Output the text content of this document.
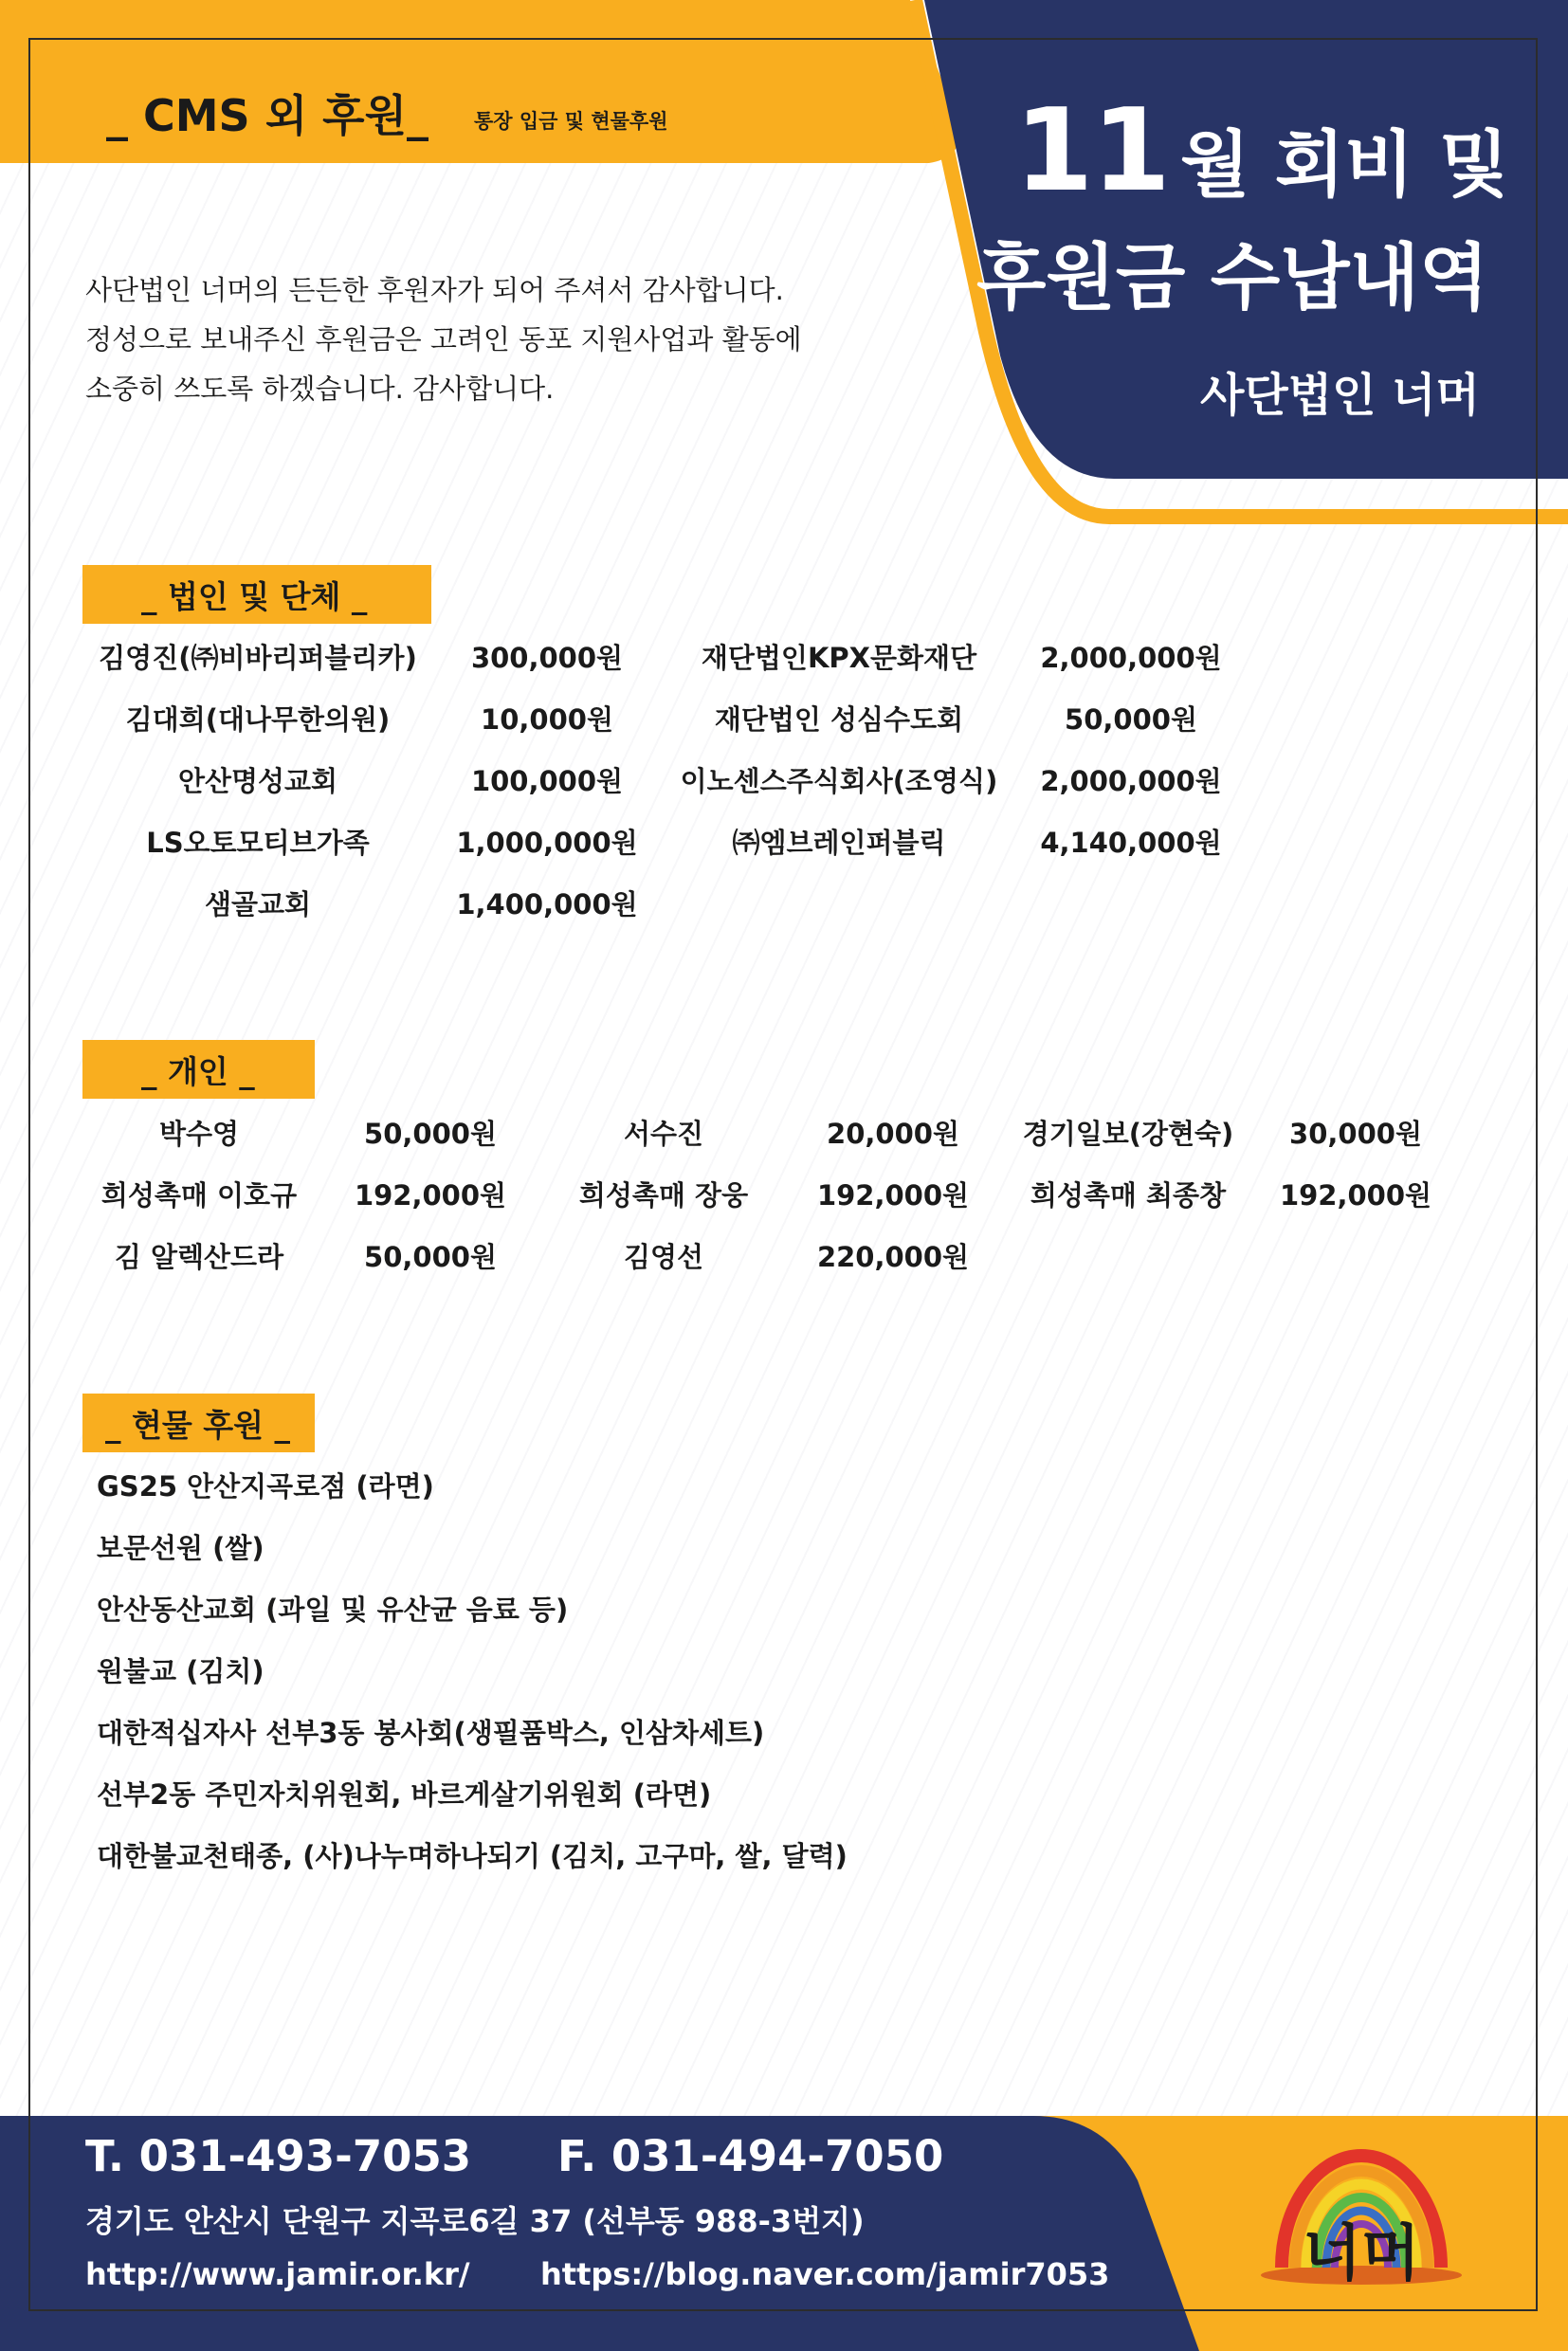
_ CMS 외 후원_ 통장 입금 및 현물후원	11 월 회비 및
후원금 수납내역
사단법인 너머
사단법인 너머의 든든한 후원자가 되어 주셔서 감사합니다.
정성으로 보내주신 후원금은 고려인 동포 지원사업과 활동에
소중히 쓰도록 하겠습니다. 감사합니다.
_ 법인 및 단체 _
김영진(㈜비바리퍼블리카)	300,000원	재단법인KPX문화재단	2,000,000원
김대희(대나무한의원)	10,000원	재단법인 성심수도회	50,000원
안산명성교회	100,000원	이노센스주식회사(조영식)	2,000,000원
LS오토모티브가족	1,000,000원	㈜엠브레인퍼블릭	4,140,000원
샘골교회	1,400,000원
_ 개인 _
박수영	50,000원	서수진	20,000원	경기일보(강현숙)	30,000원
희성촉매 이호규	192,000원	희성촉매 장웅	192,000원	희성촉매 최종창	192,000원
김 알렉산드라	50,000원	김영선	220,000원
_ 현물 후원 _
GS25 안산지곡로점 (라면)
보문선원 (쌀)
안산동산교회 (과일 및 유산균 음료 등)
원불교 (김치)
대한적십자사 선부3동 봉사회(생필품박스, 인삼차세트)
선부2동 주민자치위원회, 바르게살기위원회 (라면)
대한불교천태종, (사)나누며하나되기 (김치, 고구마, 쌀, 달력)
T. 031-493-7053 F. 031-494-7050
경기도 안산시 단원구 지곡로6길 37 (선부동 988-3번지)
http://www.jamir.or.kr/ https://blog.naver.com/jamir7053	너머
